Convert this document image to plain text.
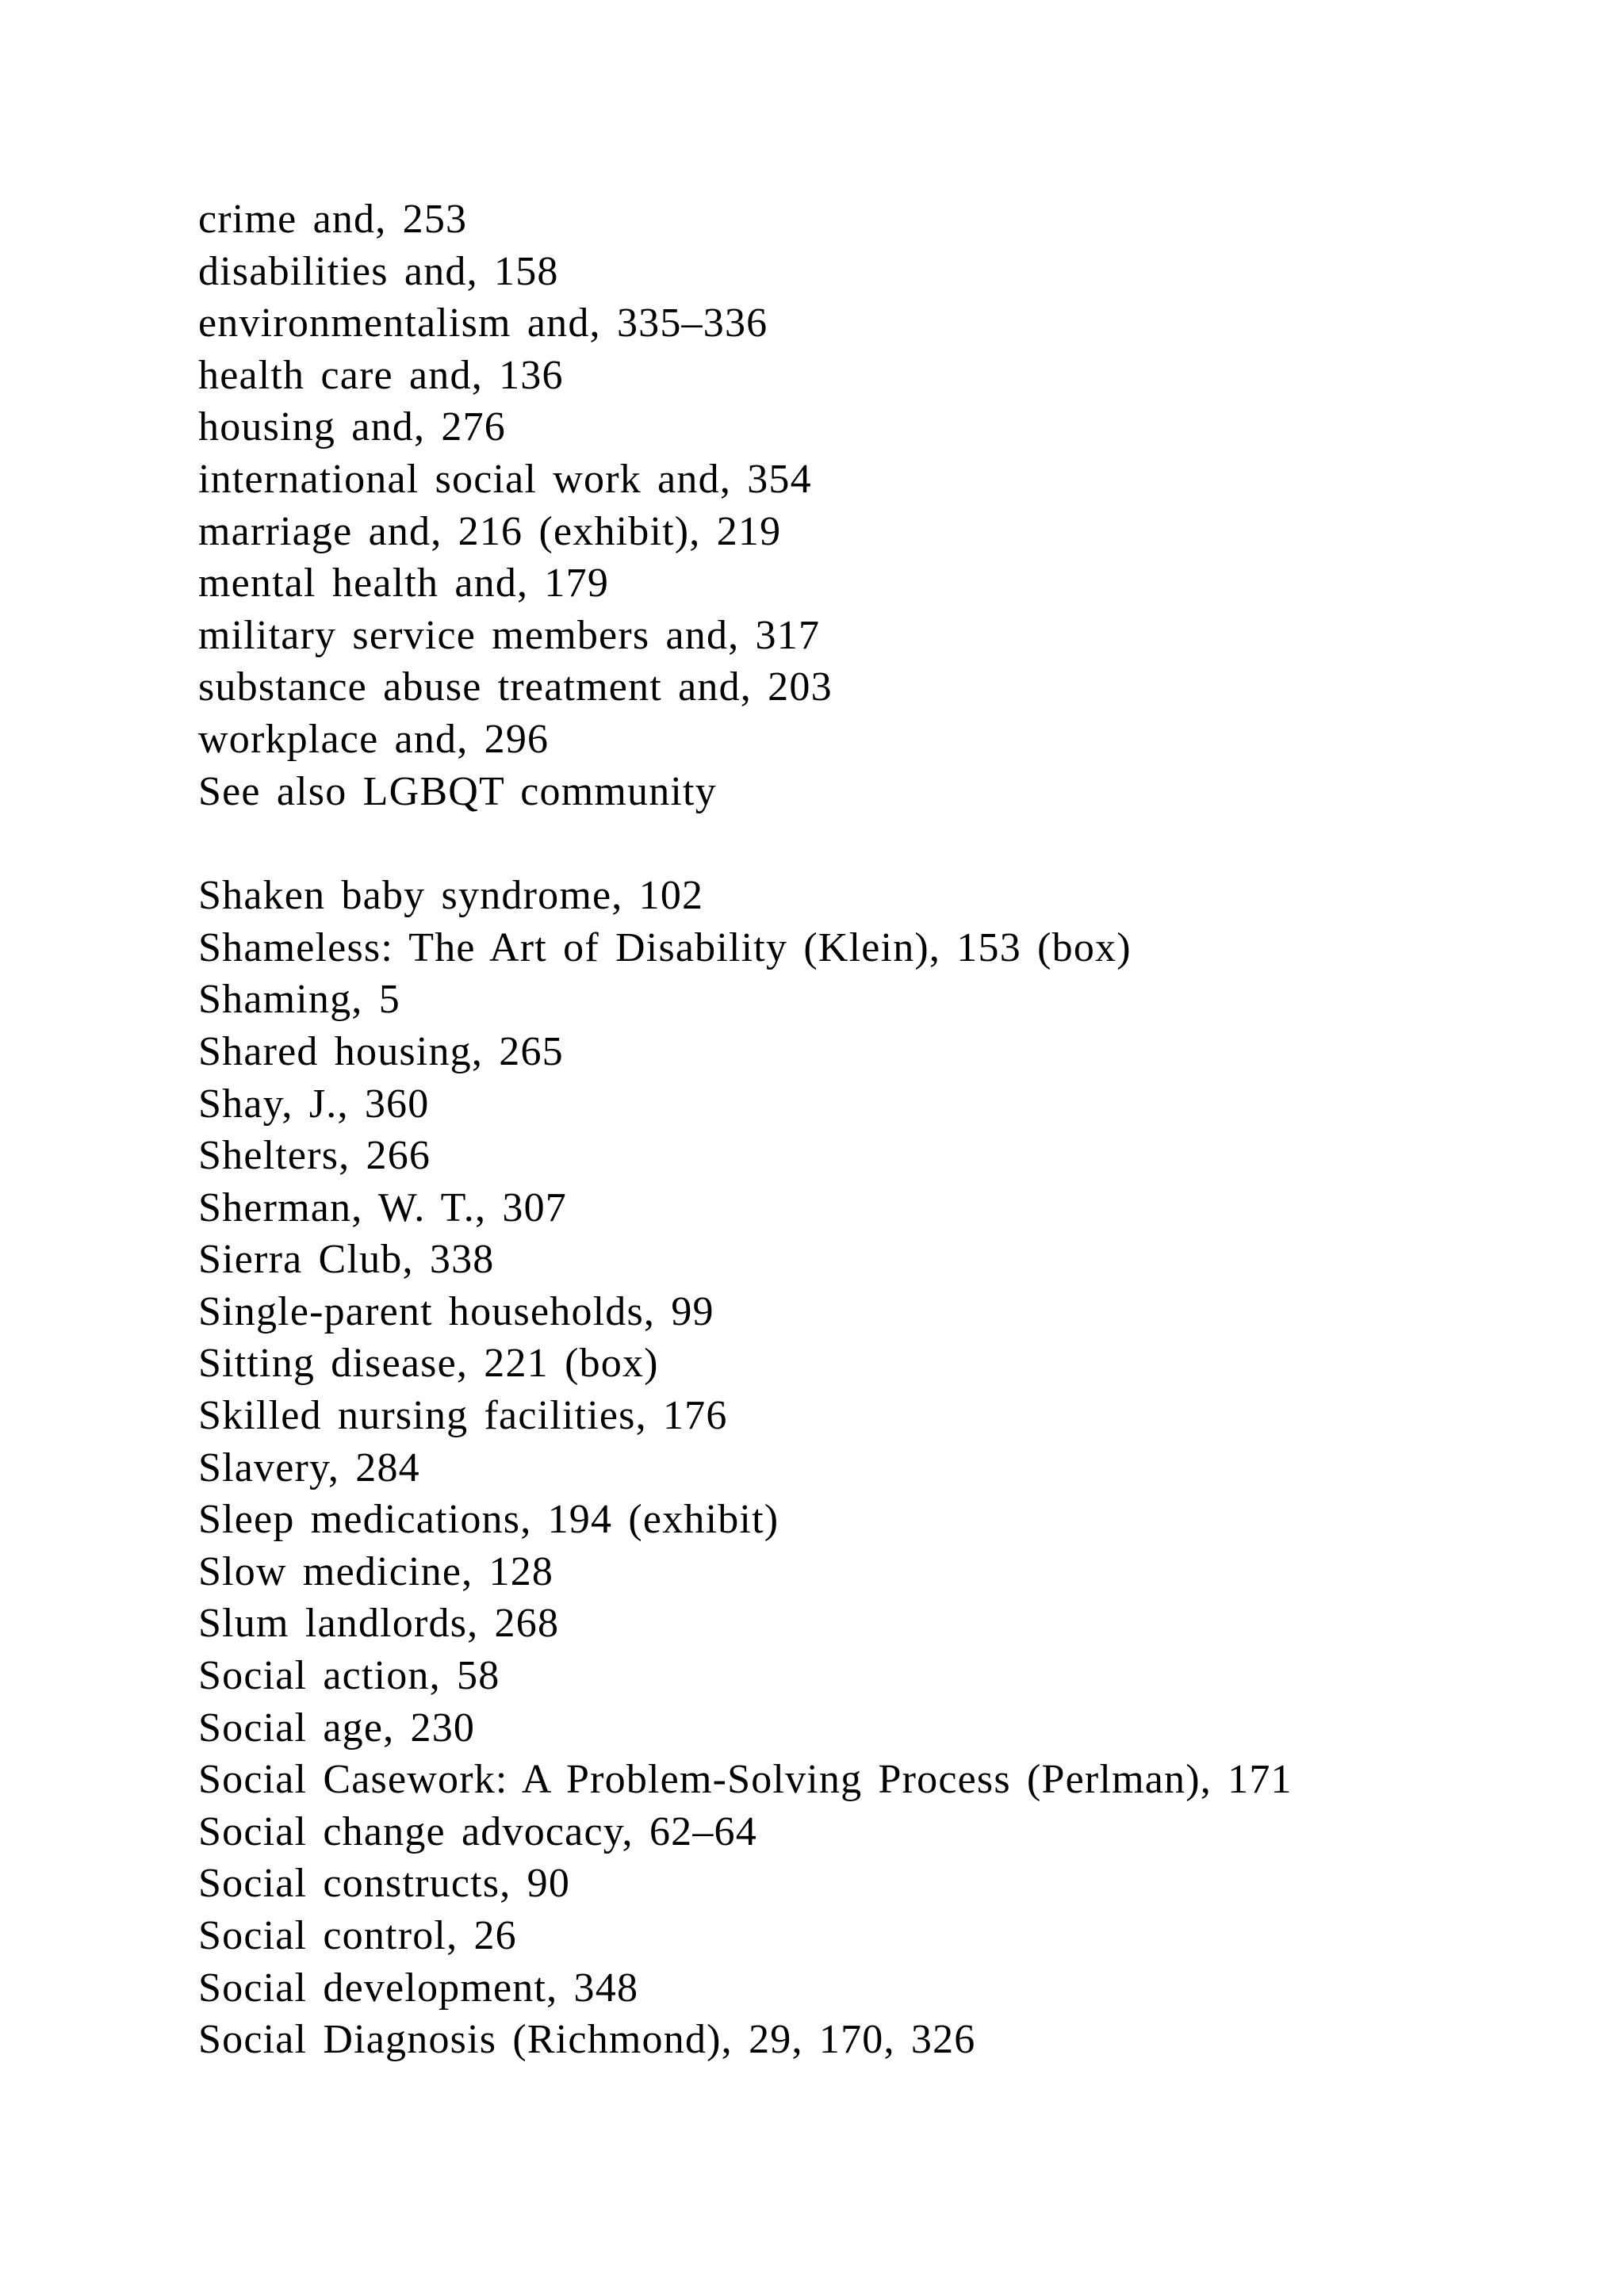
crime and, 253
disabilities and, 158
environmentalism and, 335–336
health care and, 136
housing and, 276
international social work and, 354
marriage and, 216 (exhibit), 219
mental health and, 179
military service members and, 317
substance abuse treatment and, 203
workplace and, 296
See also LGBQT community
Shaken baby syndrome, 102
Shameless: The Art of Disability (Klein), 153 (box)
Shaming, 5
Shared housing, 265
Shay, J., 360
Shelters, 266
Sherman, W. T., 307
Sierra Club, 338
Single-parent households, 99
Sitting disease, 221 (box)
Skilled nursing facilities, 176
Slavery, 284
Sleep medications, 194 (exhibit)
Slow medicine, 128
Slum landlords, 268
Social action, 58
Social age, 230
Social Casework: A Problem-Solving Process (Perlman), 171
Social change advocacy, 62–64
Social constructs, 90
Social control, 26
Social development, 348
Social Diagnosis (Richmond), 29, 170, 326
